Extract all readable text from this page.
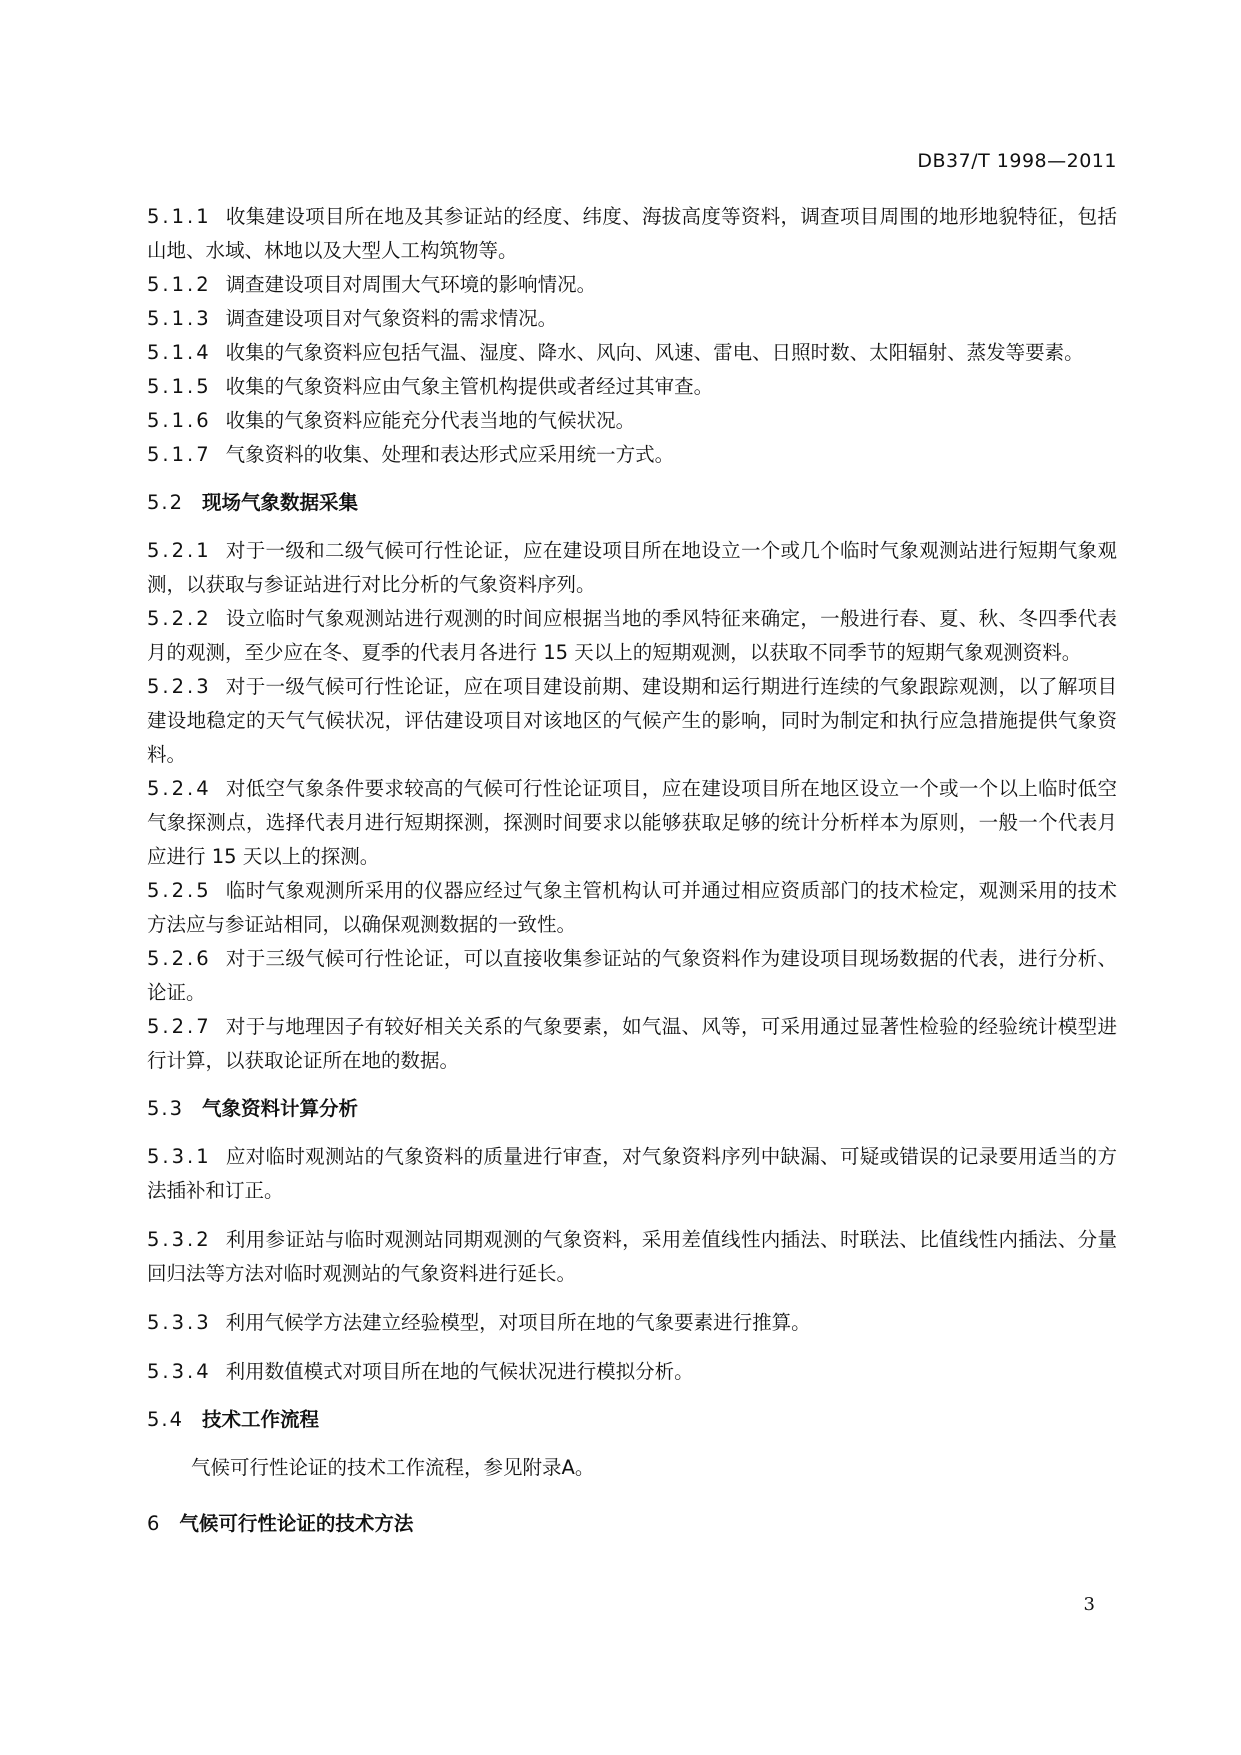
DB37/T 1998—2011

5.1.1 收集建设项目所在地及其参证站的经度、纬度、海拔高度等资料，调查项目周围的地形地貌特征，包括山地、水域、林地以及大型人工构筑物等。

5.1.2 调查建设项目对周围大气环境的影响情况。

5.1.3 调查建设项目对气象资料的需求情况。

5.1.4 收集的气象资料应包括气温、湿度、降水、风向、风速、雷电、日照时数、太阳辐射、蒸发等要素。

5.1.5 收集的气象资料应由气象主管机构提供或者经过其审查。

5.1.6 收集的气象资料应能充分代表当地的气候状况。

5.1.7 气象资料的收集、处理和表达形式应采用统一方式。

5.2 现场气象数据采集

5.2.1 对于一级和二级气候可行性论证，应在建设项目所在地设立一个或几个临时气象观测站进行短期气象观测，以获取与参证站进行对比分析的气象资料序列。

5.2.2 设立临时气象观测站进行观测的时间应根据当地的季风特征来确定，一般进行春、夏、秋、冬四季代表月的观测，至少应在冬、夏季的代表月各进行 15 天以上的短期观测，以获取不同季节的短期气象观测资料。

5.2.3 对于一级气候可行性论证，应在项目建设前期、建设期和运行期进行连续的气象跟踪观测，以了解项目建设地稳定的天气气候状况，评估建设项目对该地区的气候产生的影响，同时为制定和执行应急措施提供气象资料。

5.2.4 对低空气象条件要求较高的气候可行性论证项目，应在建设项目所在地区设立一个或一个以上临时低空气象探测点，选择代表月进行短期探测，探测时间要求以能够获取足够的统计分析样本为原则，一般一个代表月应进行 15 天以上的探测。

5.2.5 临时气象观测所采用的仪器应经过气象主管机构认可并通过相应资质部门的技术检定，观测采用的技术方法应与参证站相同，以确保观测数据的一致性。

5.2.6 对于三级气候可行性论证，可以直接收集参证站的气象资料作为建设项目现场数据的代表，进行分析、论证。

5.2.7 对于与地理因子有较好相关关系的气象要素，如气温、风等，可采用通过显著性检验的经验统计模型进行计算，以获取论证所在地的数据。

5.3 气象资料计算分析

5.3.1 应对临时观测站的气象资料的质量进行审查，对气象资料序列中缺漏、可疑或错误的记录要用适当的方法插补和订正。

5.3.2 利用参证站与临时观测站同期观测的气象资料，采用差值线性内插法、时联法、比值线性内插法、分量回归法等方法对临时观测站的气象资料进行延长。

5.3.3 利用气候学方法建立经验模型，对项目所在地的气象要素进行推算。

5.3.4 利用数值模式对项目所在地的气候状况进行模拟分析。

5.4 技术工作流程

气候可行性论证的技术工作流程，参见附录A。

6 气候可行性论证的技术方法
3
